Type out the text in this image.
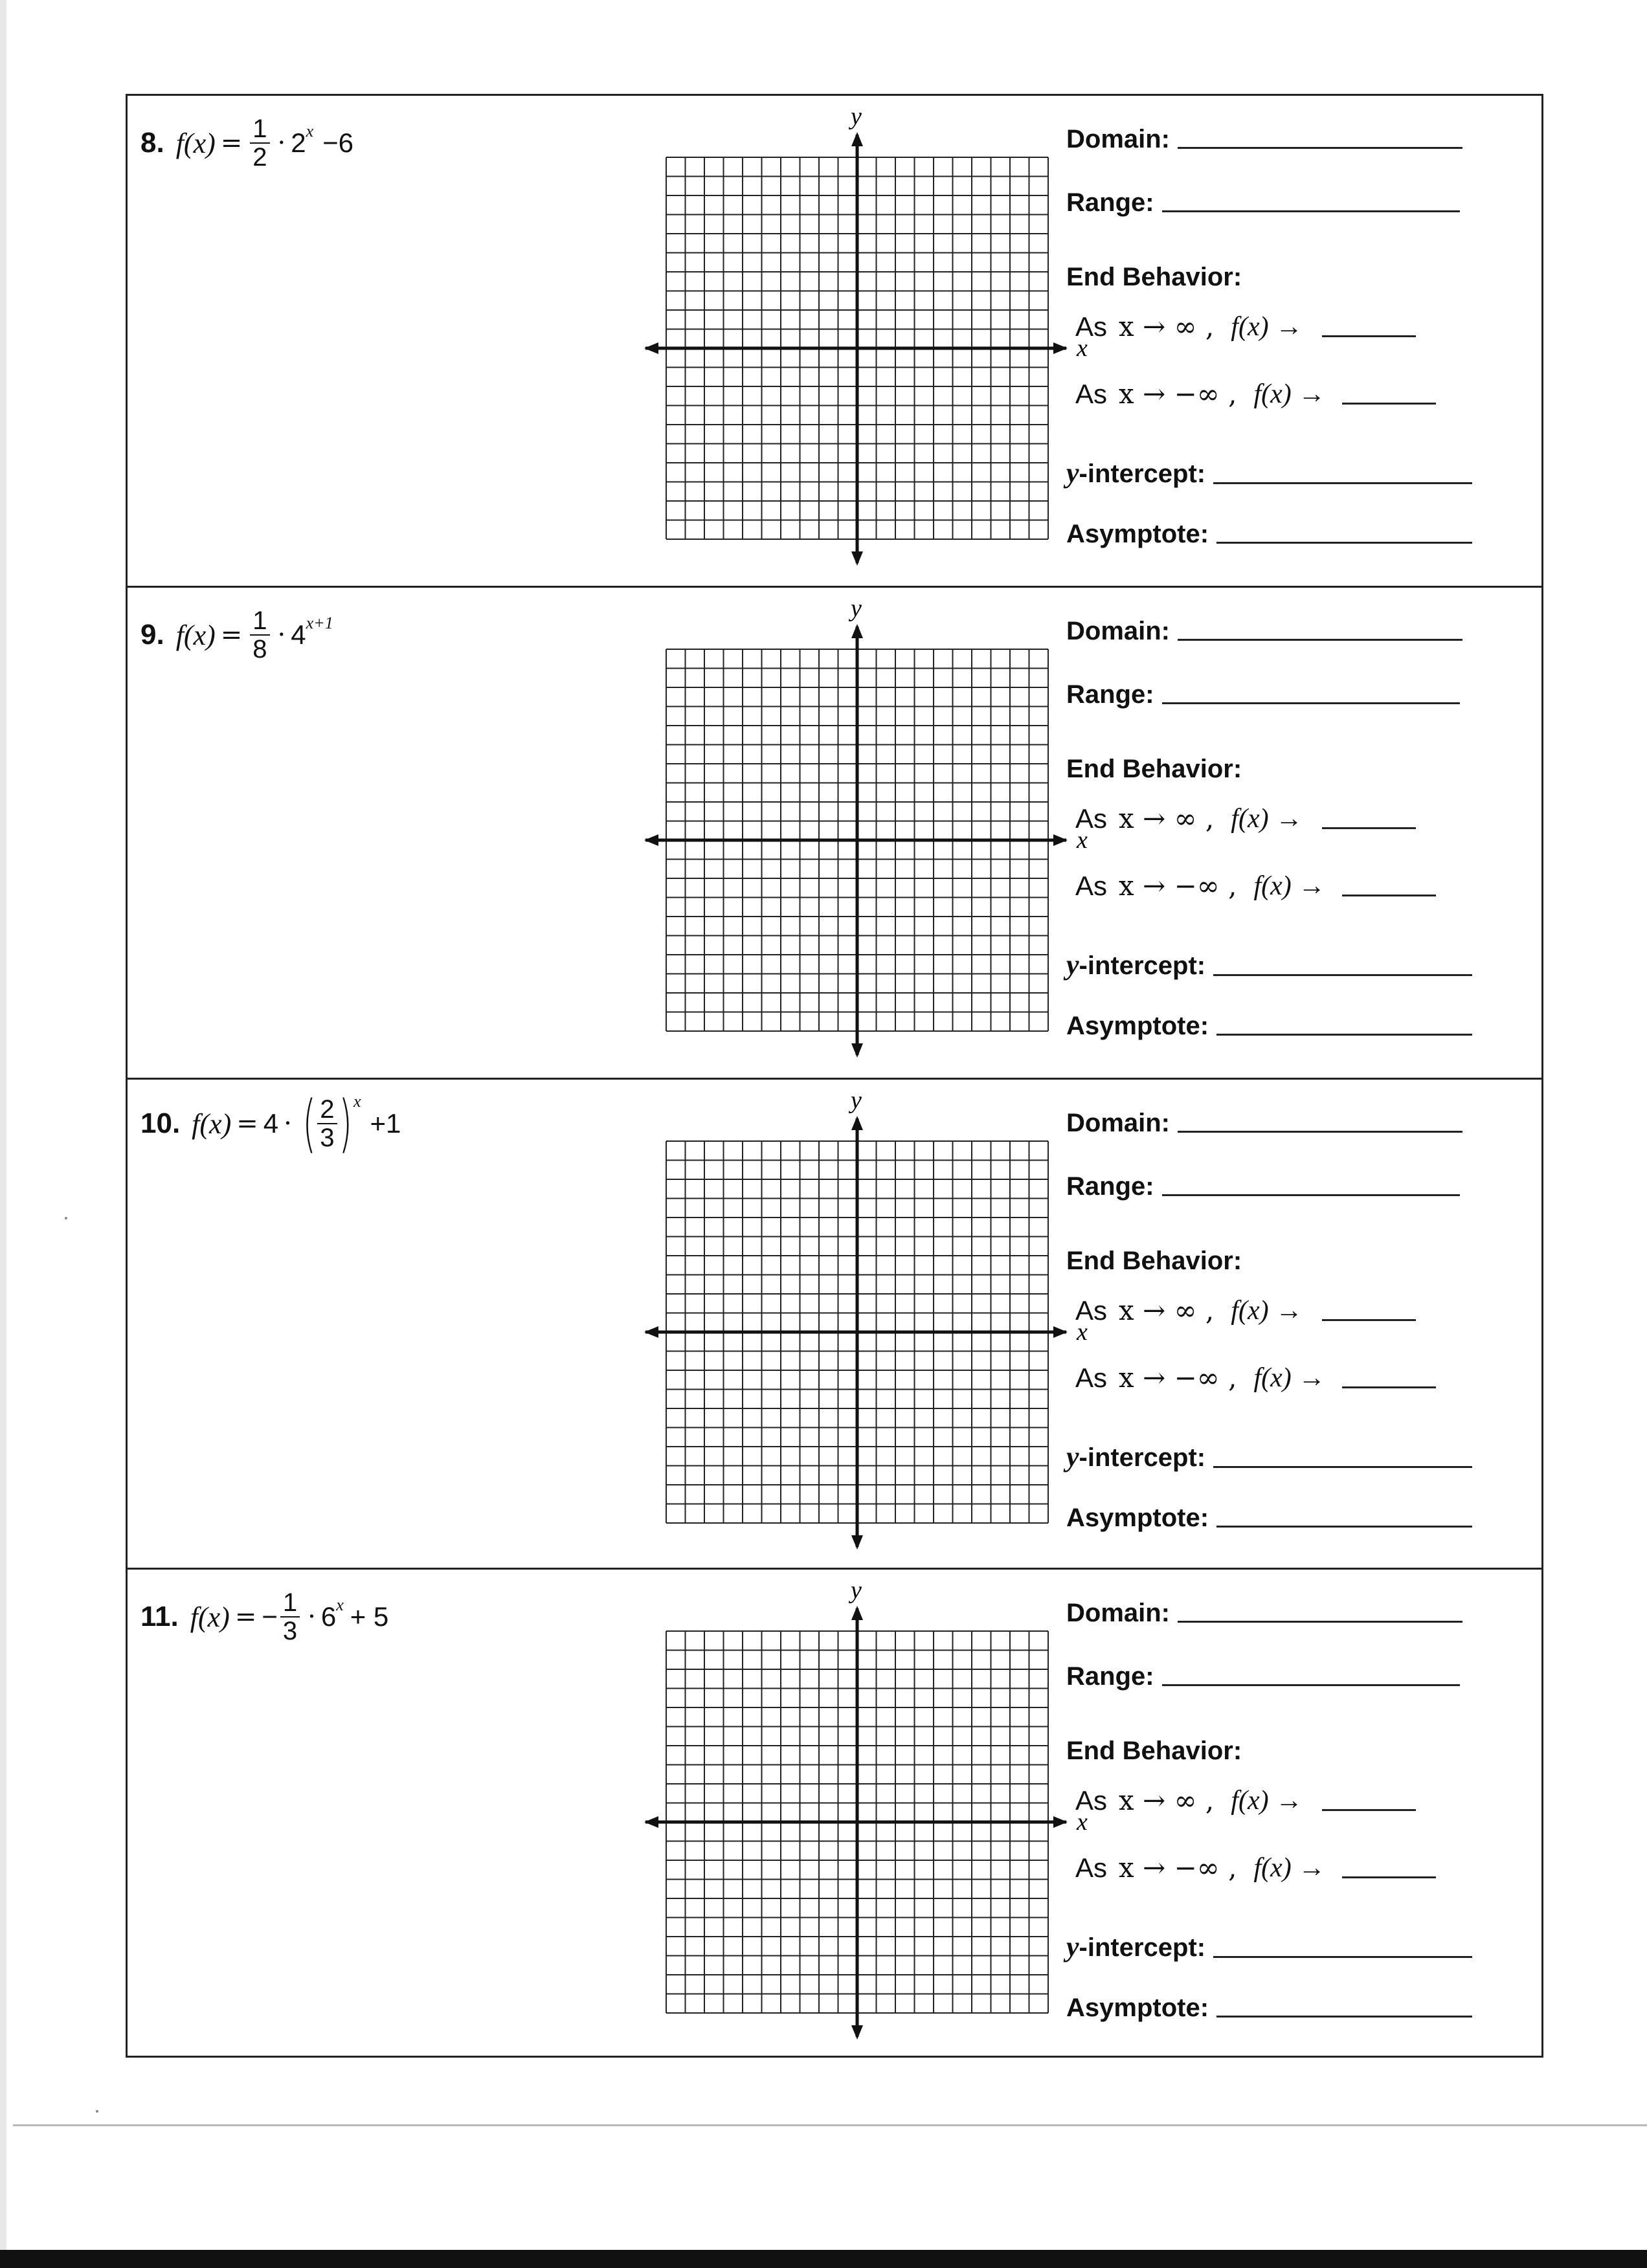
8. $f(x) = \frac{1}{2} \cdot 2$ x −6
x
y
Domain:
Range:
End Behavior:
As x → ∞ , f(x) →
As x → −∞ , f(x) →
y-intercept:
Asymptote:
9. $f(x) = \frac{1}{8} \cdot 4$ x+1
x
y
Domain:
Range:
End Behavior:
As x → ∞ , f(x) →
As x → −∞ , f(x) →
y-intercept:
Asymptote:
10. f(x) = 4 · ( $\frac{2}{3}$ ) x
+1
x
y
Domain:
Range:
End Behavior:
As x → ∞ , f(x) →
As x → −∞ , f(x) →
y-intercept:
Asymptote:
11. f(x) = − $\frac{1}{3} \cdot 6$ x + 5
x
y
Domain:
Range:
End Behavior:
As x → ∞ , f(x) →
As x → −∞ , f(x) →
y-intercept:
Asymptote:
